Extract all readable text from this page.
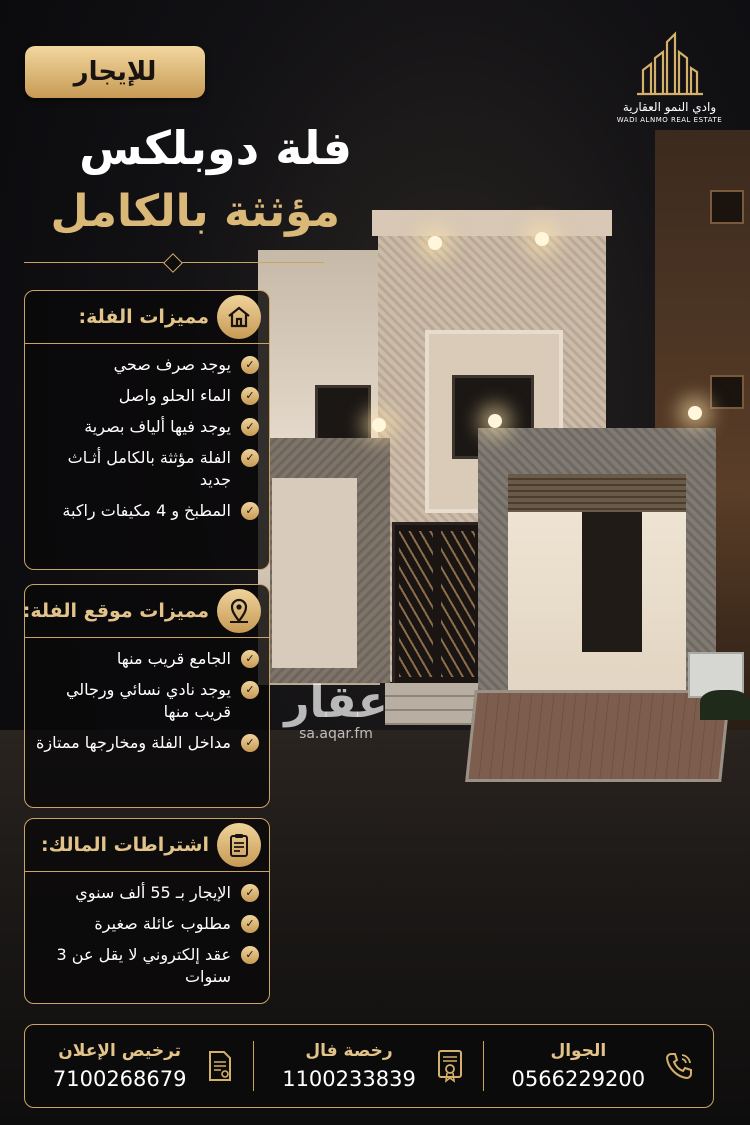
للإيجار
فلة دوبلكس
مؤثثة بالكامل
وادي النمو العقارية
WADI ALNMO REAL ESTATE
مميزات الفلة:
✓
يوجد صرف صحي
✓
الماء الحلو واصل
✓
يوجد فيها ألياف بصرية
✓
الفلة مؤثثة بالكامل أثـاث جديد
✓
المطبخ و 4 مكيفات راكبة
مميزات موقع الفلة:
✓
الجامع قريب منها
✓
يوجد نادي نسائي ورجالي قريب منها
✓
مداخل الفلة ومخارجها ممتازة
اشتراطات المالك:
✓
الإيجار بـ 55 ألف سنوي
✓
مطلوب عائلة صغيرة
✓
عقد إلكتروني لا يقل عن 3 سنوات
عقار
sa.aqar.fm
الجوال
0566229200
رخصة فال
1100233839
ترخيص الإعلان
7100268679
